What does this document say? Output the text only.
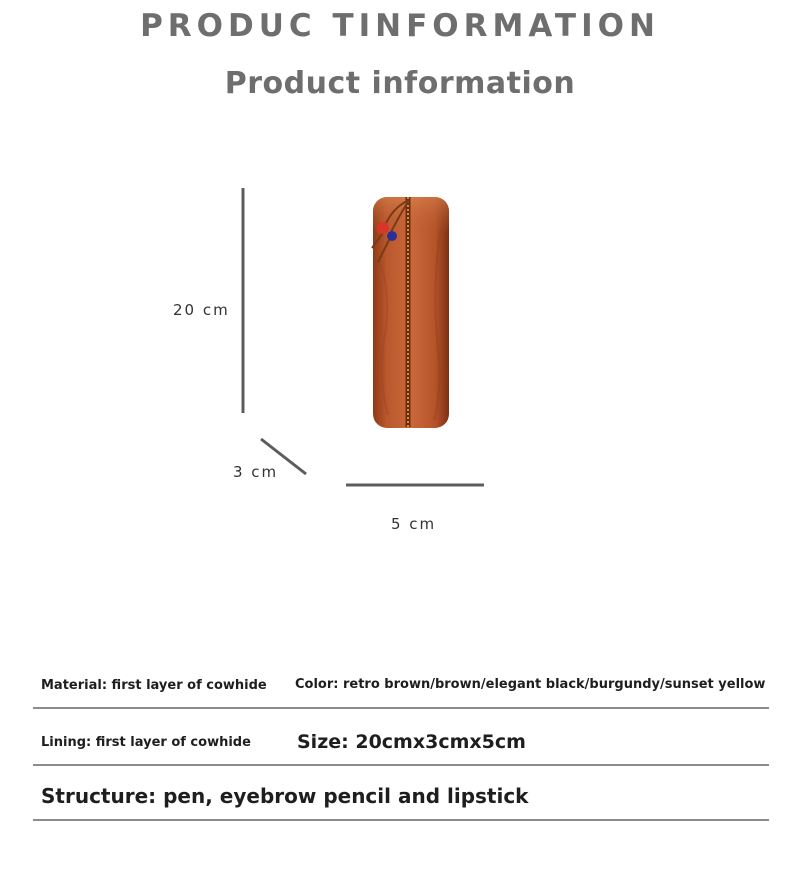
PRODUC TINFORMATION
Product information
20 cm
3 cm
5 cm
Material: first layer of cowhide Color: retro brown/brown/elegant black/burgundy/sunset yellow
Lining: first layer of cowhide Size: 20cmx3cmx5cm
Structure: pen, eyebrow pencil and lipstick
